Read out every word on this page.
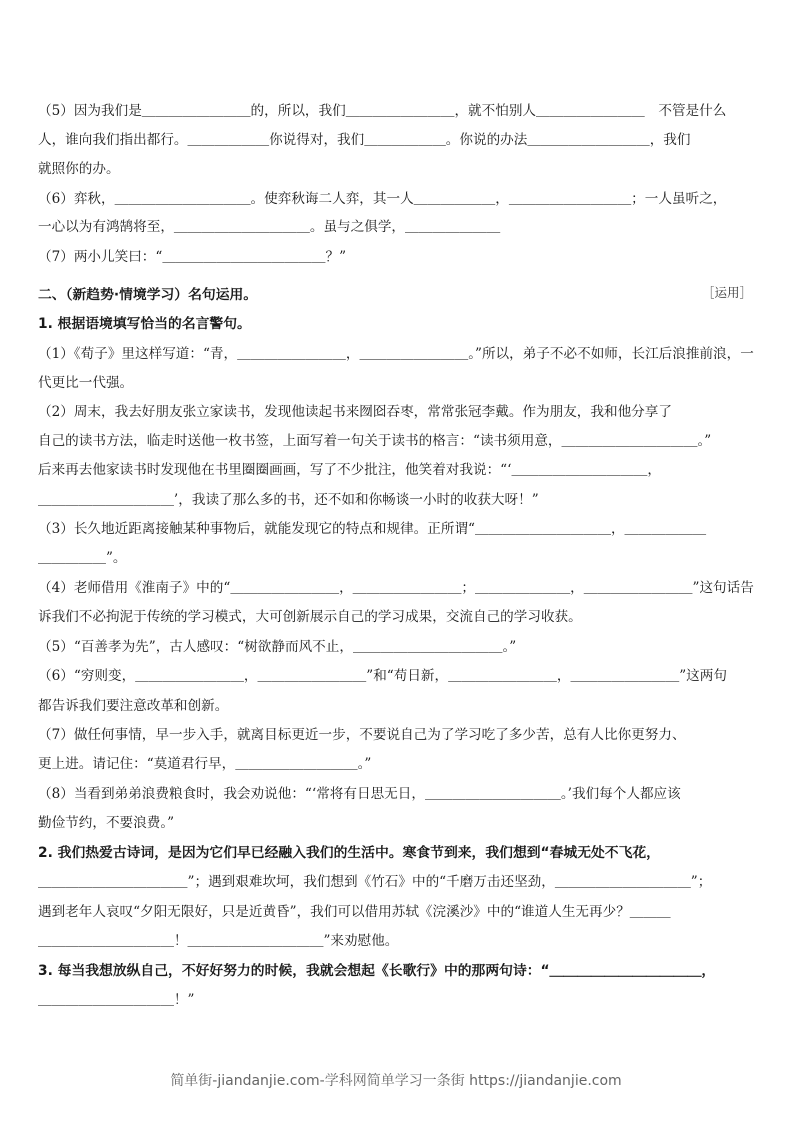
（5）因为我们是＿＿＿＿＿＿＿＿的，所以，我们＿＿＿＿＿＿＿＿，就不怕别人＿＿＿＿＿＿＿＿　不管是什么
人，谁向我们指出都行。＿＿＿＿＿＿你说得对，我们＿＿＿＿＿＿。你说的办法＿＿＿＿＿＿＿＿＿，我们
就照你的办。
（6）弈秋，＿＿＿＿＿＿＿＿＿＿。使弈秋诲二人弈，其一人＿＿＿＿＿＿，＿＿＿＿＿＿＿＿＿；一人虽听之，
一心以为有鸿鹄将至，＿＿＿＿＿＿＿＿＿＿。虽与之俱学，＿＿＿＿＿＿＿
（7）两小儿笑曰：“＿＿＿＿＿＿＿＿＿＿＿＿？”
二、（新趋势·情境学习）名句运用。
1. 根据语境填写恰当的名言警句。
（1）《荀子》里这样写道：“青，＿＿＿＿＿＿＿＿，＿＿＿＿＿＿＿＿。”所以，弟子不必不如师，长江后浪推前浪，一
代更比一代强。
（2）周末，我去好朋友张立家读书，发现他读起书来囫囵吞枣，常常张冠李戴。作为朋友，我和他分享了
自己的读书方法，临走时送他一枚书签，上面写着一句关于读书的格言：“读书须用意，＿＿＿＿＿＿＿＿＿＿。”
后来再去他家读书时发现他在书里圈圈画画，写了不少批注，他笑着对我说：“‘＿＿＿＿＿＿＿＿＿＿，
＿＿＿＿＿＿＿＿＿＿’，我读了那么多的书，还不如和你畅谈一小时的收获大呀！”
（3）长久地近距离接触某种事物后，就能发现它的特点和规律。正所谓“＿＿＿＿＿＿＿＿＿＿，＿＿＿＿＿＿
＿＿＿＿＿”。
（4）老师借用《淮南子》中的“＿＿＿＿＿＿＿＿，＿＿＿＿＿＿＿＿；＿＿＿＿＿＿＿，＿＿＿＿＿＿＿＿”这句话告
诉我们不必拘泥于传统的学习模式，大可创新展示自己的学习成果，交流自己的学习收获。
（5）“百善孝为先”，古人感叹：“树欲静而风不止，＿＿＿＿＿＿＿＿＿＿＿。”
（6）“穷则变，＿＿＿＿＿＿＿＿，＿＿＿＿＿＿＿＿”和“苟日新，＿＿＿＿＿＿＿＿，＿＿＿＿＿＿＿＿”这两句
都告诉我们要注意改革和创新。
（7）做任何事情，早一步入手，就离目标更近一步，不要说自己为了学习吃了多少苦，总有人比你更努力、
更上进。请记住：“莫道君行早，＿＿＿＿＿＿＿＿＿。”
（8）当看到弟弟浪费粮食时，我会劝说他：“‘常将有日思无日，＿＿＿＿＿＿＿＿＿＿。’我们每个人都应该
勤俭节约，不要浪费。”
2. 我们热爱古诗词，是因为它们早已经融入我们的生活中。寒食节到来，我们想到“春城无处不飞花，
＿＿＿＿＿＿＿＿＿＿＿”；遇到艰难坎坷，我们想到《竹石》中的“千磨万击还坚劲，＿＿＿＿＿＿＿＿＿＿”；
遇到老年人哀叹“夕阳无限好，只是近黄昏”，我们可以借用苏轼《浣溪沙》中的“谁道人生无再少？＿＿＿
＿＿＿＿＿＿＿＿＿＿！＿＿＿＿＿＿＿＿＿＿”来劝慰他。
3. 每当我想放纵自己，不好好努力的时候，我就会想起《长歌行》中的那两句诗：“＿＿＿＿＿＿＿＿＿＿＿，
＿＿＿＿＿＿＿＿＿＿！”
［运用］
简单街-jiandanjie.com-学科网简单学习一条街 https://jiandanjie.com
